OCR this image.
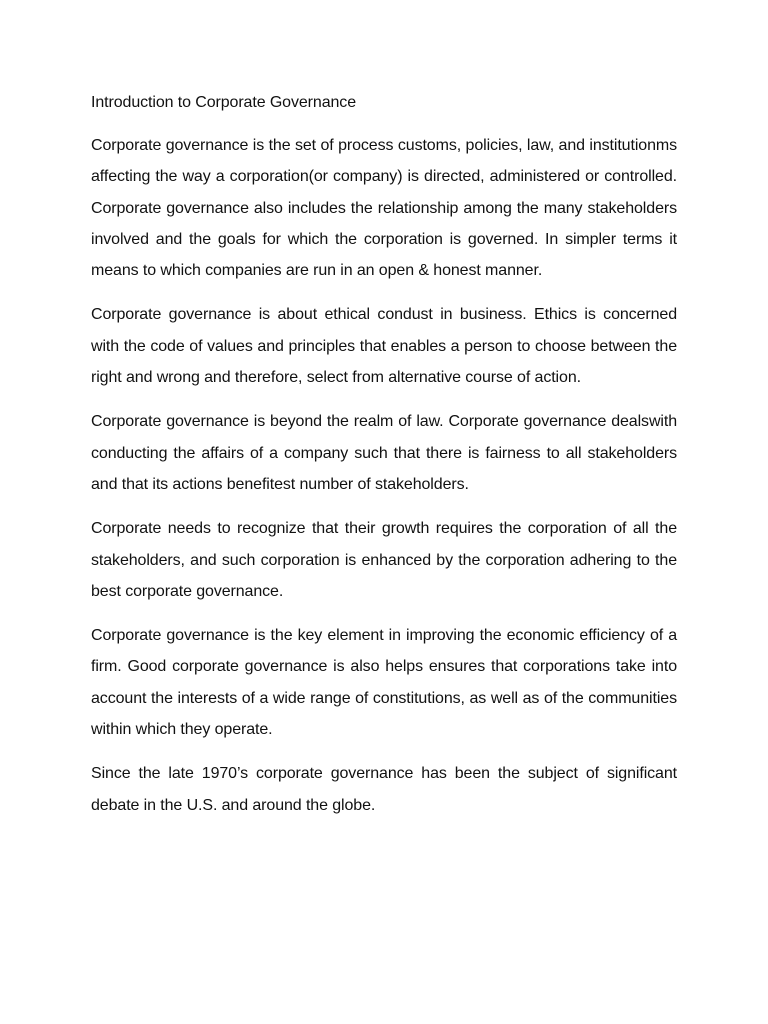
Introduction to Corporate Governance

Corporate governance is the set of process customs, policies, law, and institutionms affecting the way a corporation(or company) is directed, administered or controlled. Corporate governance also includes the relationship among the many stakeholders involved and the goals for which the corporation is governed. In simpler terms it means to which companies are run in an open & honest manner.

Corporate governance is about ethical condust in business. Ethics is concerned with the code of values and principles that enables a person to choose between the right and wrong and therefore, select from alternative course of action.

Corporate governance is beyond the realm of law. Corporate governance dealswith conducting the affairs of a company such that there is fairness to all stakeholders and that its actions benefitest number of stakeholders.

Corporate needs to recognize that their growth requires the corporation of all the stakeholders, and such corporation is enhanced by the corporation adhering to the best corporate governance.

Corporate governance is the key element in improving the economic efficiency of a firm. Good corporate governance is also helps ensures that corporations take into account the interests of a wide range of constitutions, as well as of the communities within which they operate.

Since the late 1970’s corporate governance has been the subject of significant debate in the U.S. and around the globe.
